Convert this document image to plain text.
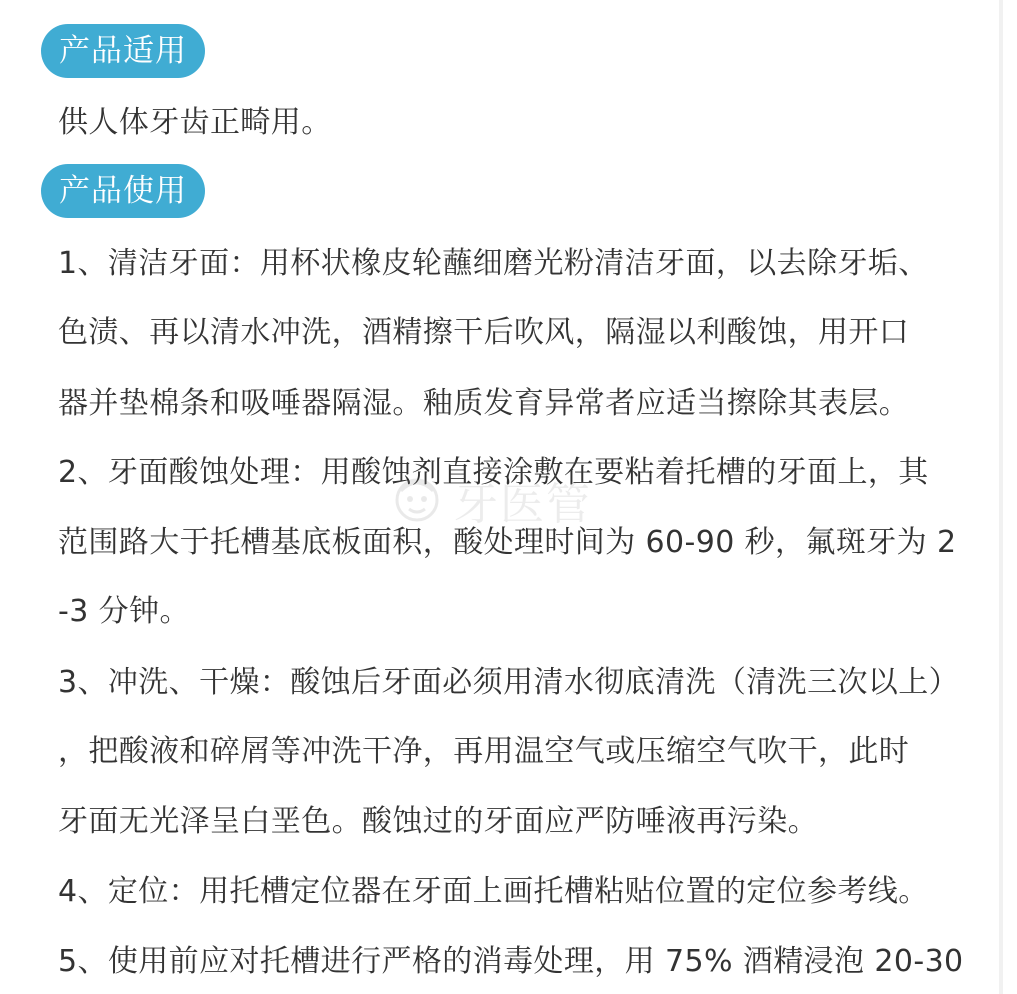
产品适用
供人体牙齿正畸用。
产品使用
1、清洁牙面：用杯状橡皮轮蘸细磨光粉清洁牙面，以去除牙垢、
色渍、再以清水冲洗，酒精擦干后吹风，隔湿以利酸蚀，用开口
器并垫棉条和吸唾器隔湿。釉质发育异常者应适当擦除其表层。
2、牙面酸蚀处理：用酸蚀剂直接涂敷在要粘着托槽的牙面上，其
范围路大于托槽基底板面积，酸处理时间为 60-90 秒，氟斑牙为 2
-3 分钟。
3、冲洗、干燥：酸蚀后牙面必须用清水彻底清洗（清洗三次以上）
，把酸液和碎屑等冲洗干净，再用温空气或压缩空气吹干，此时
牙面无光泽呈白垩色。酸蚀过的牙面应严防唾液再污染。
4、定位：用托槽定位器在牙面上画托槽粘贴位置的定位参考线。
5、使用前应对托槽进行严格的消毒处理，用 75% 酒精浸泡 20-30
牙医管
